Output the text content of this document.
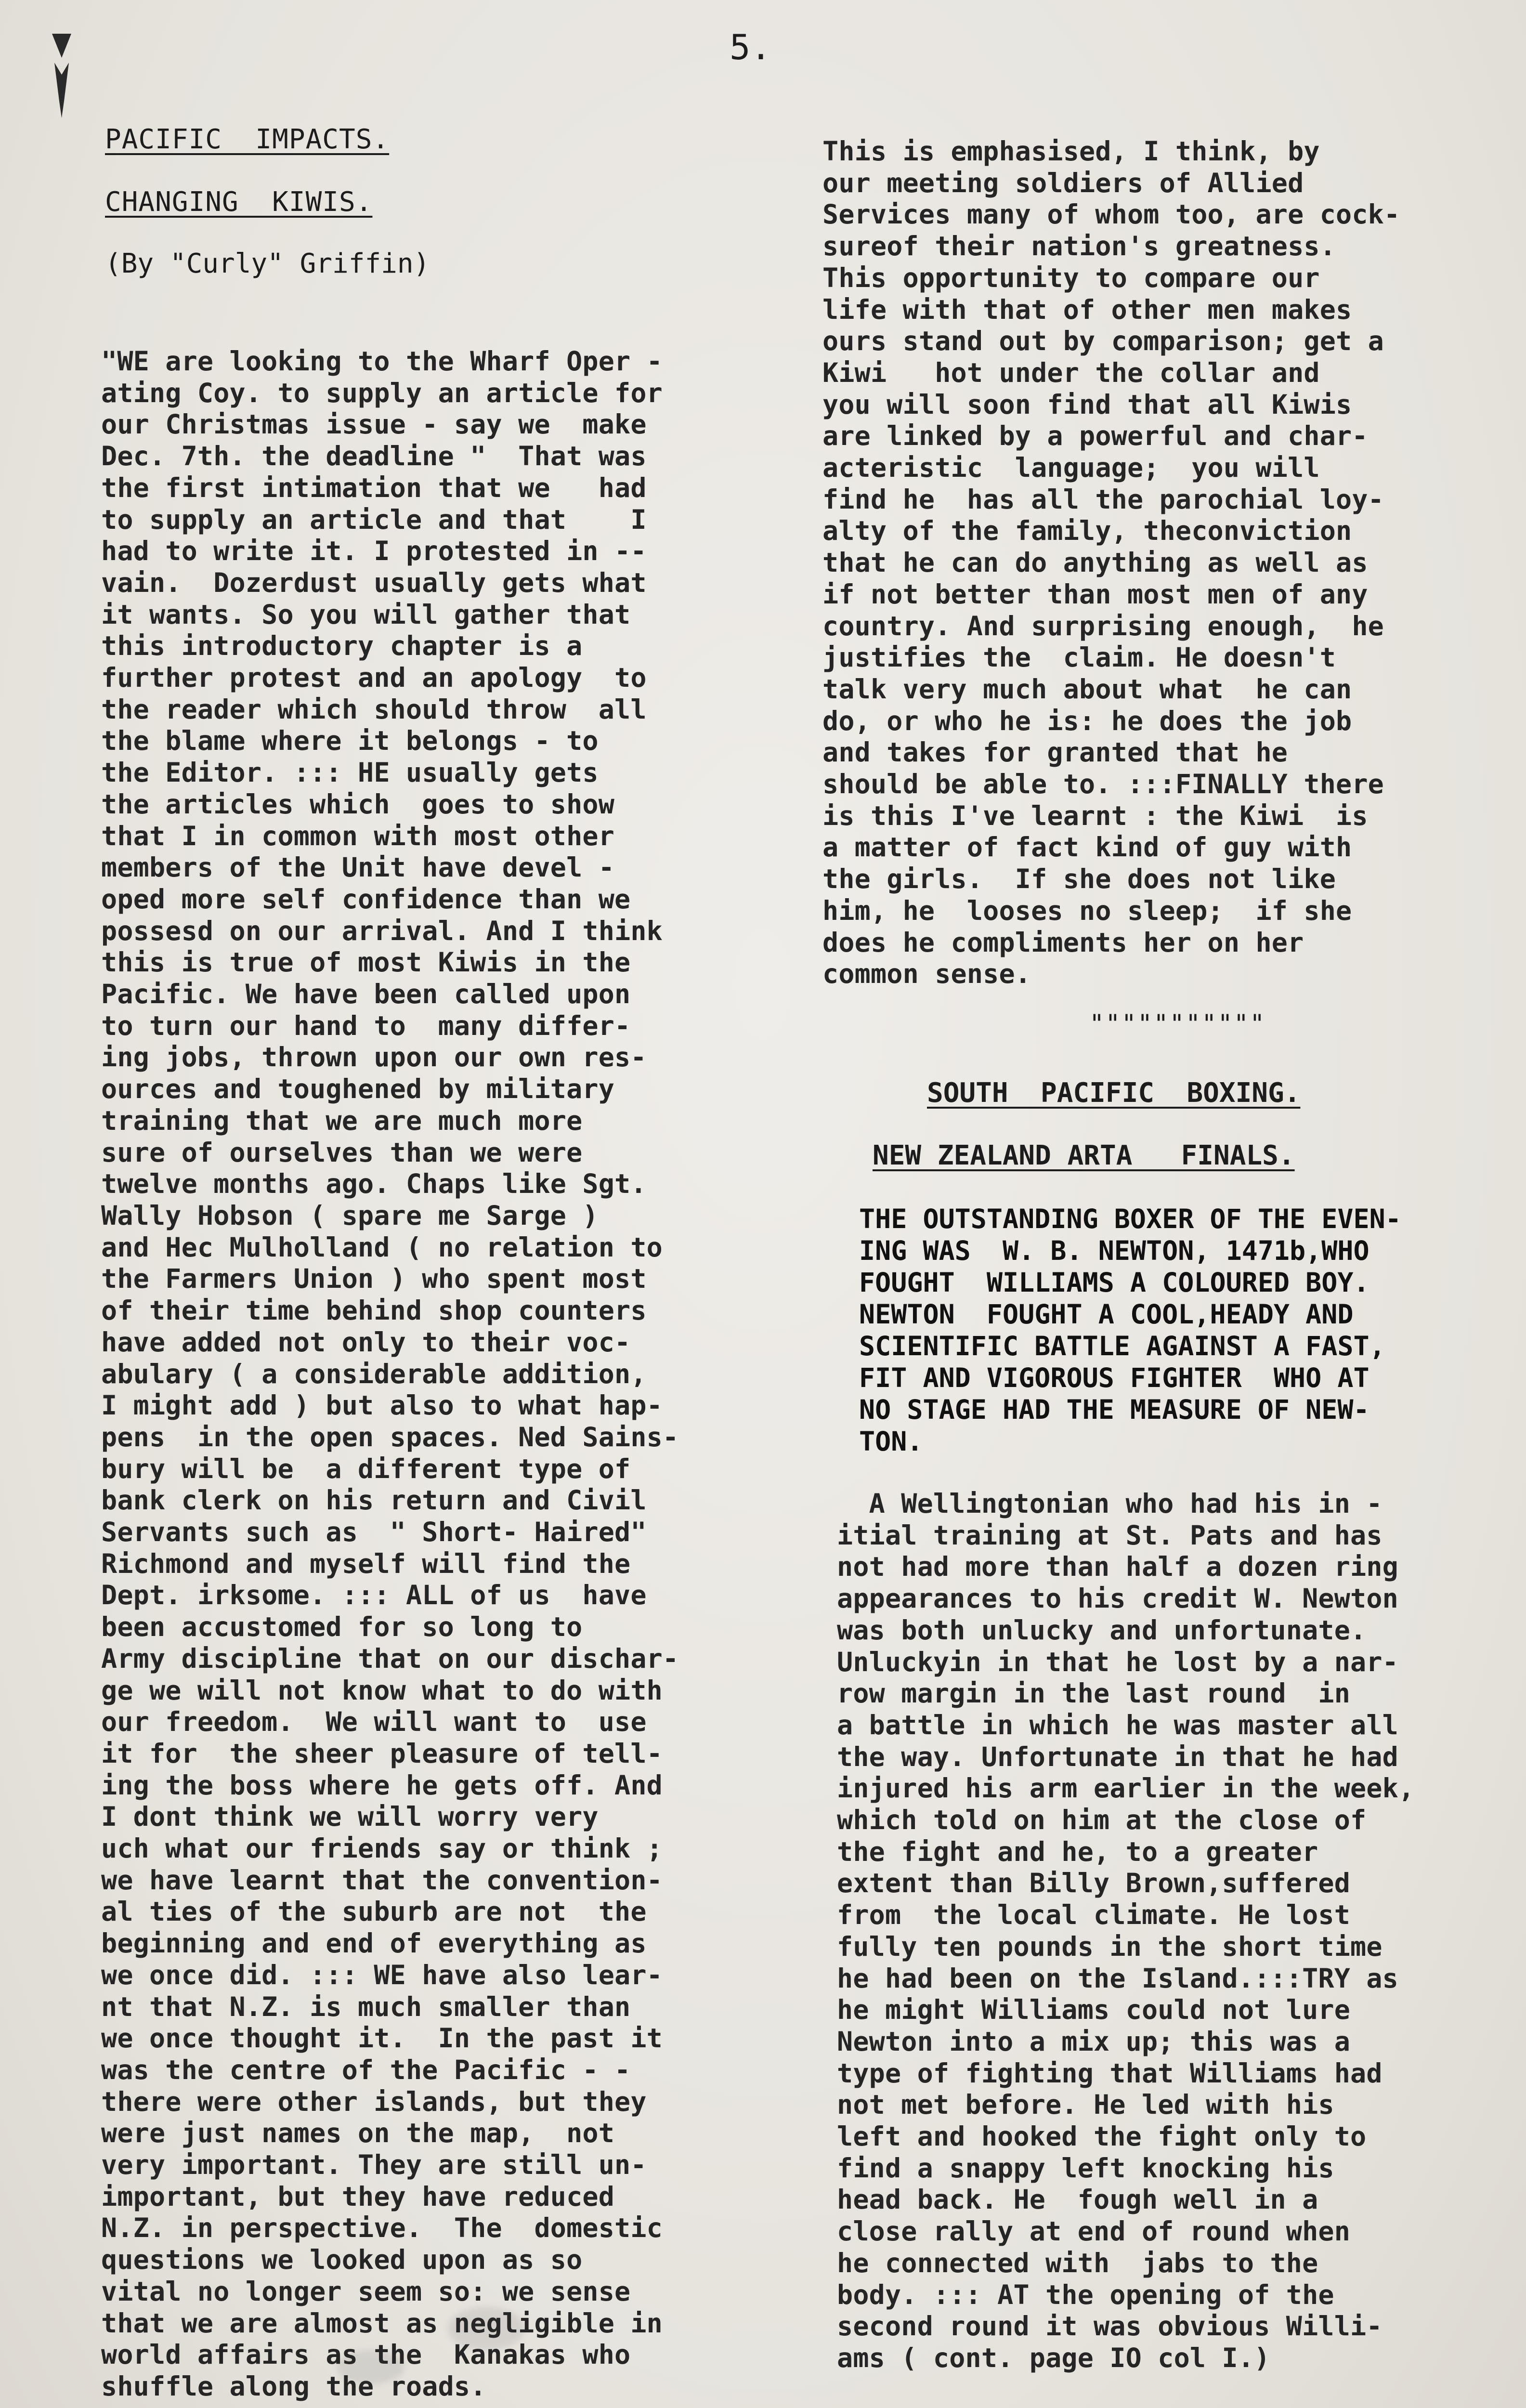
5.
PACIFIC  IMPACTS.
CHANGING  KIWIS.
(By "Curly" Griffin)
"WE are looking to the Wharf Oper -
ating Coy. to supply an article for
our Christmas issue - say we  make
Dec. 7th. the deadline "  That was
the first intimation that we   had
to supply an article and that    I
had to write it. I protested in --
vain.  Dozerdust usually gets what
it wants. So you will gather that
this introductory chapter is a
further protest and an apology  to
the reader which should throw  all
the blame where it belongs - to
the Editor. ::: HE usually gets
the articles which  goes to show
that I in common with most other
members of the Unit have devel -
oped more self confidence than we
possesd on our arrival. And I think
this is true of most Kiwis in the
Pacific. We have been called upon
to turn our hand to  many differ-
ing jobs, thrown upon our own res-
ources and toughened by military
training that we are much more
sure of ourselves than we were
twelve months ago. Chaps like Sgt.
Wally Hobson ( spare me Sarge )
and Hec Mulholland ( no relation to
the Farmers Union ) who spent most
of their time behind shop counters
have added not only to their voc-
abulary ( a considerable addition,
I might add ) but also to what hap-
pens  in the open spaces. Ned Sains-
bury will be  a different type of
bank clerk on his return and Civil
Servants such as  " Short- Haired"
Richmond and myself will find the
Dept. irksome. ::: ALL of us  have
been accustomed for so long to
Army discipline that on our dischar-
ge we will not know what to do with
our freedom.  We will want to  use
it for  the sheer pleasure of tell-
ing the boss where he gets off. And
I dont think we will worry very
uch what our friends say or think ;
we have learnt that the convention-
al ties of the suburb are not  the
beginning and end of everything as
we once did. ::: WE have also lear-
nt that N.Z. is much smaller than
we once thought it.  In the past it
was the centre of the Pacific - -
there were other islands, but they
were just names on the map,  not
very important. They are still un-
important, but they have reduced
N.Z. in perspective.  The  domestic
questions we looked upon as so
vital no longer seem so: we sense
that we are almost as negligible in
world affairs as the  Kanakas who
shuffle along the roads.
This is emphasised, I think, by
our meeting soldiers of Allied
Services many of whom too, are cock-
sureof their nation's greatness.
This opportunity to compare our
life with that of other men makes
ours stand out by comparison; get a
Kiwi   hot under the collar and
you will soon find that all Kiwis
are linked by a powerful and char-
acteristic  language;  you will
find he  has all the parochial loy-
alty of the family, theconviction
that he can do anything as well as
if not better than most men of any
country. And surprising enough,  he
justifies the  claim. He doesn't
talk very much about what  he can
do, or who he is: he does the job
and takes for granted that he
should be able to. :::FINALLY there
is this I've learnt : the Kiwi  is
a matter of fact kind of guy with
the girls.  If she does not like
him, he  looses no sleep;  if she
does he compliments her on her
common sense.
"""""""""""
SOUTH  PACIFIC  BOXING.
NEW ZEALAND ARTA   FINALS.
THE OUTSTANDING BOXER OF THE EVEN-
ING WAS  W. B. NEWTON, 1471b,WHO
FOUGHT  WILLIAMS A COLOURED BOY.
NEWTON  FOUGHT A COOL,HEADY AND
SCIENTIFIC BATTLE AGAINST A FAST,
FIT AND VIGOROUS FIGHTER  WHO AT
NO STAGE HAD THE MEASURE OF NEW-
TON.
A Wellingtonian who had his in -
itial training at St. Pats and has
not had more than half a dozen ring
appearances to his credit W. Newton
was both unlucky and unfortunate.
Unluckyin in that he lost by a nar-
row margin in the last round  in
a battle in which he was master all
the way. Unfortunate in that he had
injured his arm earlier in the week,
which told on him at the close of
the fight and he, to a greater
extent than Billy Brown,suffered
from  the local climate. He lost
fully ten pounds in the short time
he had been on the Island.:::TRY as
he might Williams could not lure
Newton into a mix up; this was a
type of fighting that Williams had
not met before. He led with his
left and hooked the fight only to
find a snappy left knocking his
head back. He  fough well in a
close rally at end of round when
he connected with  jabs to the
body. ::: AT the opening of the
second round it was obvious Willi-
ams ( cont. page IO col I.)
